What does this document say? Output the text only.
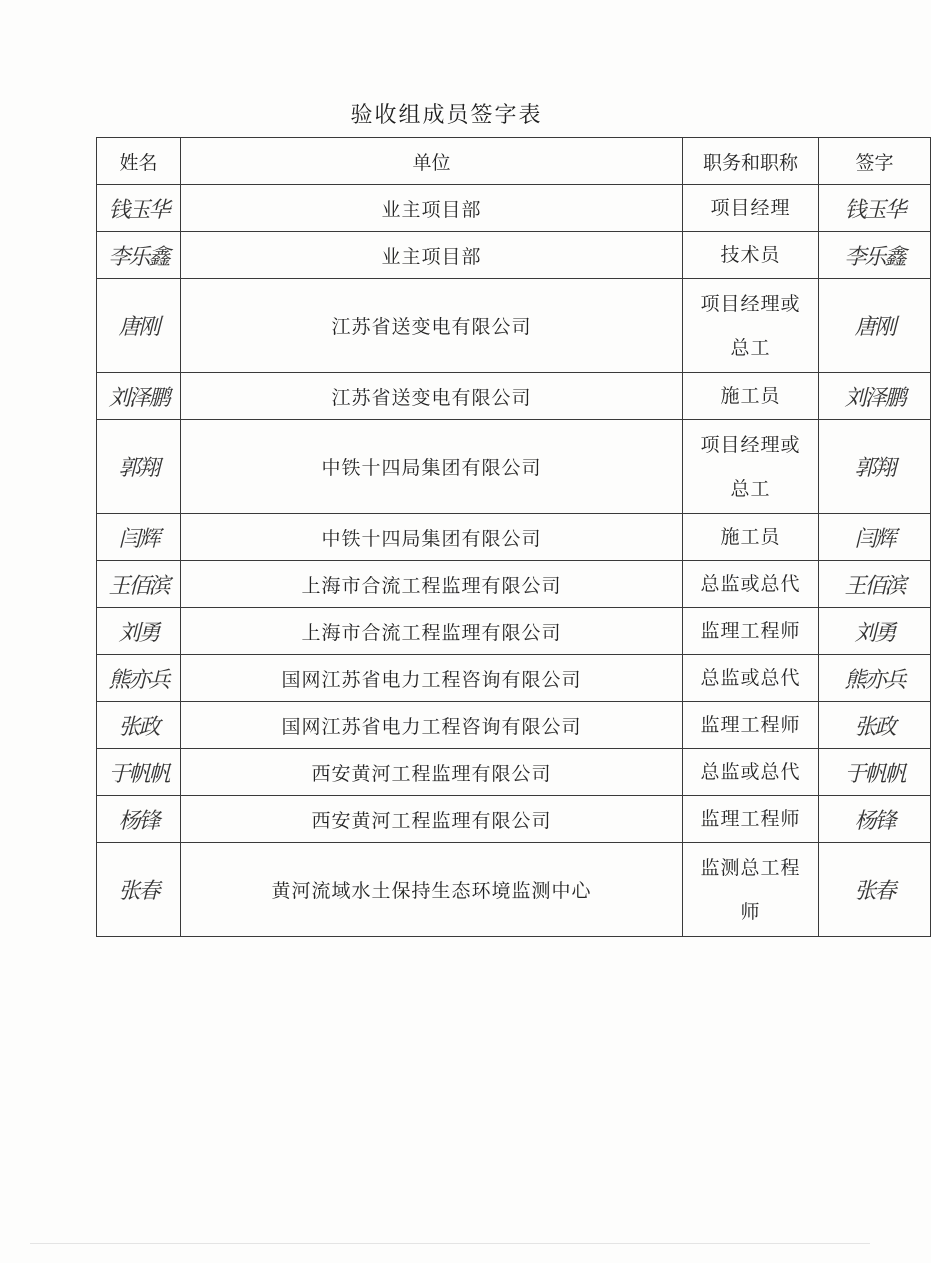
验收组成员签字表
姓名	单位	职务和职称	签字
钱玉华	业主项目部	项目经理	钱玉华
李乐鑫	业主项目部	技术员	李乐鑫
唐刚	江苏省送变电有限公司	项目经理或总工	唐刚
刘泽鹏	江苏省送变电有限公司	施工员	刘泽鹏
郭翔	中铁十四局集团有限公司	项目经理或总工	郭翔
闫辉	中铁十四局集团有限公司	施工员	闫辉
王佰滨	上海市合流工程监理有限公司	总监或总代	王佰滨
刘勇	上海市合流工程监理有限公司	监理工程师	刘勇
熊亦兵	国网江苏省电力工程咨询有限公司	总监或总代	熊亦兵
张政	国网江苏省电力工程咨询有限公司	监理工程师	张政
于帆帆	西安黄河工程监理有限公司	总监或总代	于帆帆
杨锋	西安黄河工程监理有限公司	监理工程师	杨锋
张春	黄河流域水土保持生态环境监测中心	监测总工程师	张春
